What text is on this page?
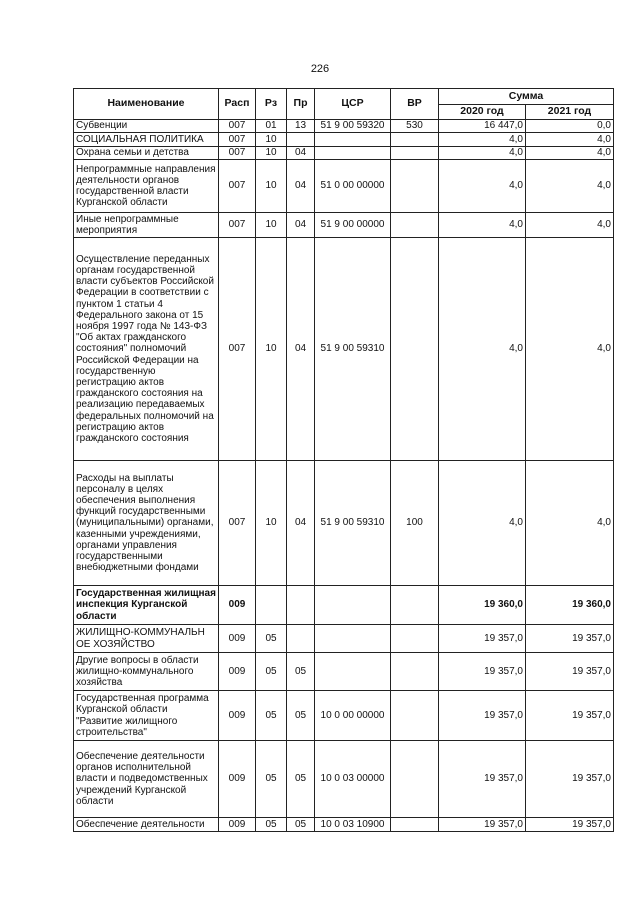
226
Наименование	Расп	Рз	Пр	ЦСР	ВР	Сумма	
						2020 год	2021 год
Субвенции	007	01	13	51 9 00 59320	530	16 447,0	0,0
СОЦИАЛЬНАЯ ПОЛИТИКА	007	10				4,0	4,0
Охрана семьи и детства	007	10	04			4,0	4,0
Непрограммные направления деятельности органов государственной власти Курганской области	007	10	04	51 0 00 00000		4,0	4,0
Иные непрограммные мероприятия	007	10	04	51 9 00 00000		4,0	4,0
Осуществление переданных органам государственной власти субъектов Российской Федерации в соответствии с пунктом 1 статьи 4 Федерального закона от 15 ноября 1997 года № 143-ФЗ "Об актах гражданского состояния" полномочий Российской Федерации на государственную регистрацию актов гражданского состояния на реализацию передаваемых федеральных полномочий на регистрацию актов гражданского состояния	007	10	04	51 9 00 59310		4,0	4,0
Расходы на выплаты персоналу в целях обеспечения выполнения функций государственными (муниципальными) органами, казенными учреждениями, органами управления государственными внебюджетными фондами	007	10	04	51 9 00 59310	100	4,0	4,0
Государственная жилищная инспекция Курганской области	009					19 360,0	19 360,0
ЖИЛИЩНО-КОММУНАЛЬН ОЕ ХОЗЯЙСТВО	009	05				19 357,0	19 357,0
Другие вопросы в области жилищно-коммунального хозяйства	009	05	05			19 357,0	19 357,0
Государственная программа Курганской области "Развитие жилищного строительства"	009	05	05	10 0 00 00000		19 357,0	19 357,0
Обеспечение деятельности органов исполнительной власти и подведомственных учреждений Курганской области	009	05	05	10 0 03 00000		19 357,0	19 357,0
Обеспечение деятельности	009	05	05	10 0 03 10900		19 357,0	19 357,0
